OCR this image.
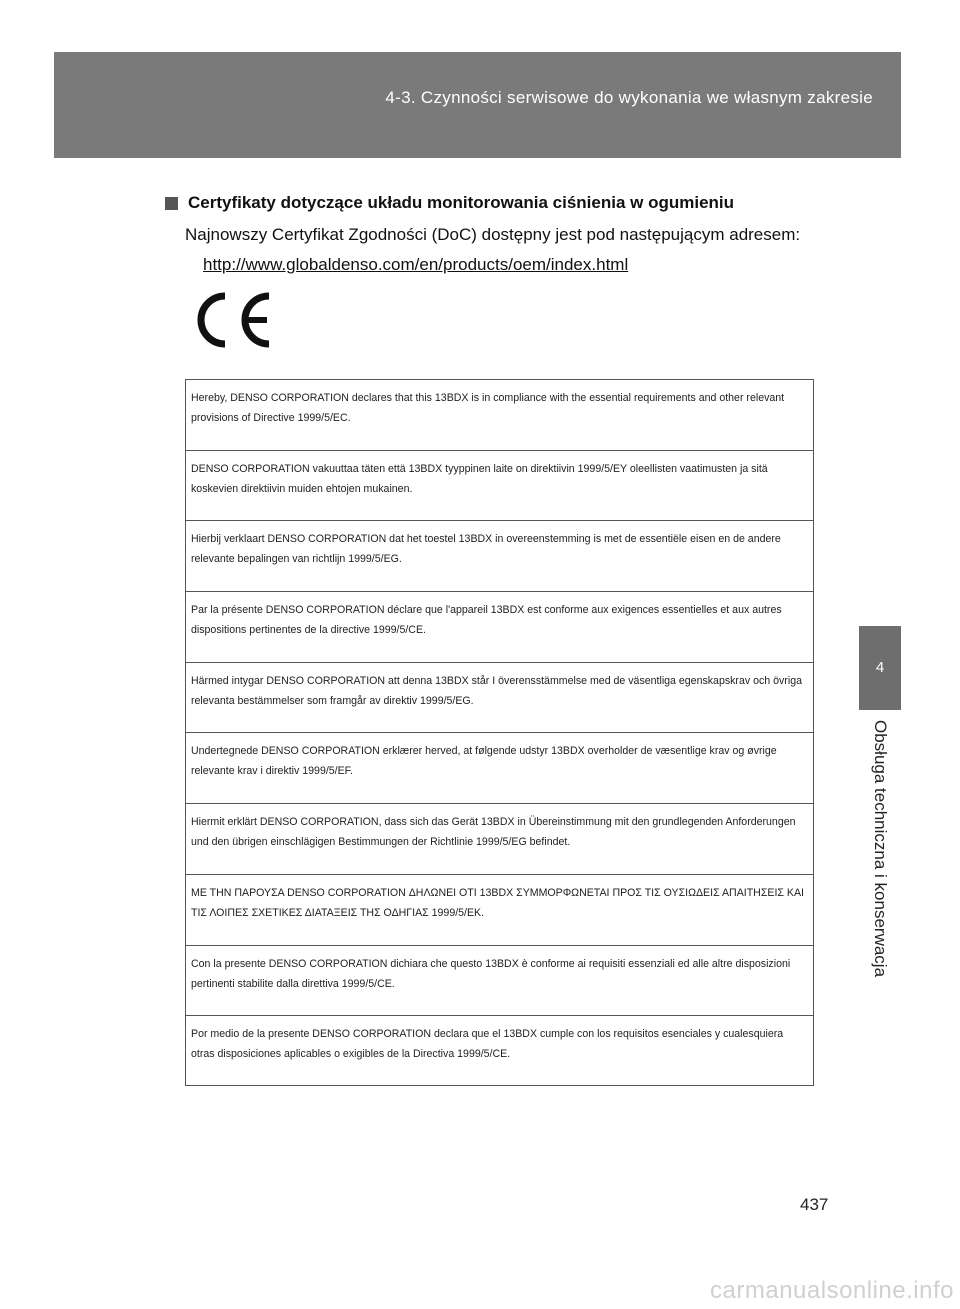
4-3. Czynności serwisowe do wykonania we własnym zakresie
4
Obsługa techniczna i konserwacja
Certyfikaty dotyczące układu monitorowania ciśnienia w ogumieniu
Najnowszy Certyfikat Zgodności (DoC) dostępny jest pod następującym adresem:
http://www.globaldenso.com/en/products/oem/index.html
Hereby, DENSO CORPORATION declares that this 13BDX is in compliance with the essential requirements and other relevant provisions of Directive 1999/5/EC.
DENSO CORPORATION vakuuttaa täten että 13BDX tyyppinen laite on direktiivin 1999/5/EY oleellisten vaatimusten ja sitä koskevien direktiivin muiden ehtojen mukainen.
Hierbij verklaart DENSO CORPORATION dat het toestel 13BDX in overeenstemming is met de essentiële eisen en de andere relevante bepalingen van richtlijn 1999/5/EG.
Par la présente DENSO CORPORATION déclare que l'appareil 13BDX est conforme aux exigences essentielles et aux autres dispositions pertinentes de la directive 1999/5/CE.
Härmed intygar DENSO CORPORATION att denna 13BDX står I överensstämmelse med de väsentliga egenskapskrav och övriga relevanta bestämmelser som framgår av direktiv 1999/5/EG.
Undertegnede DENSO CORPORATION erklærer herved, at følgende udstyr 13BDX overholder de væsentlige krav og øvrige relevante krav i direktiv 1999/5/EF.
Hiermit erklärt DENSO CORPORATION, dass sich das Gerät 13BDX in Übereinstimmung mit den grundlegenden Anforderungen und den übrigen einschlägigen Bestimmungen der Richtlinie 1999/5/EG befindet.
ΜΕ ΤΗΝ ΠΑΡΟΥΣΑ DENSO CORPORATION ΔΗΛΩΝΕΙ ΟΤΙ 13BDX ΣΥΜΜΟΡΦΩΝΕΤΑΙ ΠΡΟΣ ΤΙΣ ΟΥΣΙΩΔΕΙΣ ΑΠΑΙΤΗΣΕΙΣ ΚΑΙ ΤΙΣ ΛΟΙΠΕΣ ΣΧΕΤΙΚΕΣ ΔΙΑΤΑΞΕΙΣ ΤΗΣ ΟΔΗΓΙΑΣ 1999/5/ΕΚ.
Con la presente DENSO CORPORATION dichiara che questo 13BDX è conforme ai requisiti essenziali ed alle altre disposizioni pertinenti stabilite dalla direttiva 1999/5/CE.
Por medio de la presente DENSO CORPORATION declara que el 13BDX cumple con los requisitos esenciales y cualesquiera otras disposiciones aplicables o exigibles de la Directiva 1999/5/CE.
437
carmanualsonline.info
